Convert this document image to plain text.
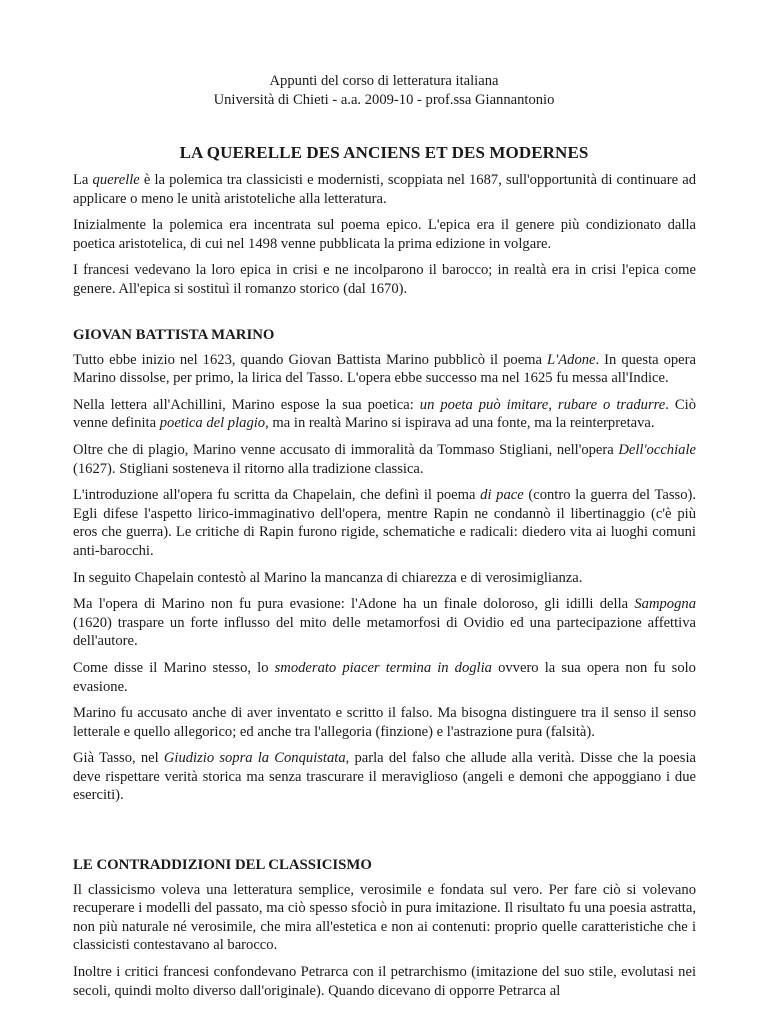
Appunti del corso di letteratura italiana
Università di Chieti - a.a. 2009-10 - prof.ssa Giannantonio
LA QUERELLE DES ANCIENS ET DES MODERNES

La querelle è la polemica tra classicisti e modernisti, scoppiata nel 1687, sull'opportunità di continuare ad applicare o meno le unità aristoteliche alla letteratura.

Inizialmente la polemica era incentrata sul poema epico. L'epica era il genere più condizionato dalla poetica aristotelica, di cui nel 1498 venne pubblicata la prima edizione in volgare.

I francesi vedevano la loro epica in crisi e ne incolparono il barocco; in realtà era in crisi l'epica come genere. All'epica si sostituì il romanzo storico (dal 1670).

GIOVAN BATTISTA MARINO

Tutto ebbe inizio nel 1623, quando Giovan Battista Marino pubblicò il poema L'Adone. In questa opera Marino dissolse, per primo, la lirica del Tasso. L'opera ebbe successo ma nel 1625 fu messa all'Indice.

Nella lettera all'Achillini, Marino espose la sua poetica: un poeta può imitare, rubare o tradurre. Ciò venne definita poetica del plagio, ma in realtà Marino si ispirava ad una fonte, ma la reinterpretava.

Oltre che di plagio, Marino venne accusato di immoralità da Tommaso Stigliani, nell'opera Dell'occhiale (1627). Stigliani sosteneva il ritorno alla tradizione classica.

L'introduzione all'opera fu scritta da Chapelain, che definì il poema di pace (contro la guerra del Tasso). Egli difese l'aspetto lirico-immaginativo dell'opera, mentre Rapin ne condannò il libertinaggio (c'è più eros che guerra). Le critiche di Rapin furono rigide, schematiche e radicali: diedero vita ai luoghi comuni anti-barocchi.

In seguito Chapelain contestò al Marino la mancanza di chiarezza e di verosimiglianza.

Ma l'opera di Marino non fu pura evasione: l'Adone ha un finale doloroso, gli idilli della Sampogna (1620) traspare un forte influsso del mito delle metamorfosi di Ovidio ed una partecipazione affettiva dell'autore.

Come disse il Marino stesso, lo smoderato piacer termina in doglia ovvero la sua opera non fu solo evasione.

Marino fu accusato anche di aver inventato e scritto il falso. Ma bisogna distinguere tra il senso il senso letterale e quello allegorico; ed anche tra l'allegoria (finzione) e l'astrazione pura (falsità).

Già Tasso, nel Giudizio sopra la Conquistata, parla del falso che allude alla verità. Disse che la poesia deve rispettare verità storica ma senza trascurare il meraviglioso (angeli e demoni che appoggiano i due eserciti).

LE CONTRADDIZIONI DEL CLASSICISMO

Il classicismo voleva una letteratura semplice, verosimile e fondata sul vero. Per fare ciò si volevano recuperare i modelli del passato, ma ciò spesso sfociò in pura imitazione. Il risultato fu una poesia astratta, non più naturale né verosimile, che mira all'estetica e non ai contenuti: proprio quelle caratteristiche che i classicisti contestavano al barocco.

Inoltre i critici francesi confondevano Petrarca con il petrarchismo (imitazione del suo stile, evolutasi nei secoli, quindi molto diverso dall'originale). Quando dicevano di opporre Petrarca al
